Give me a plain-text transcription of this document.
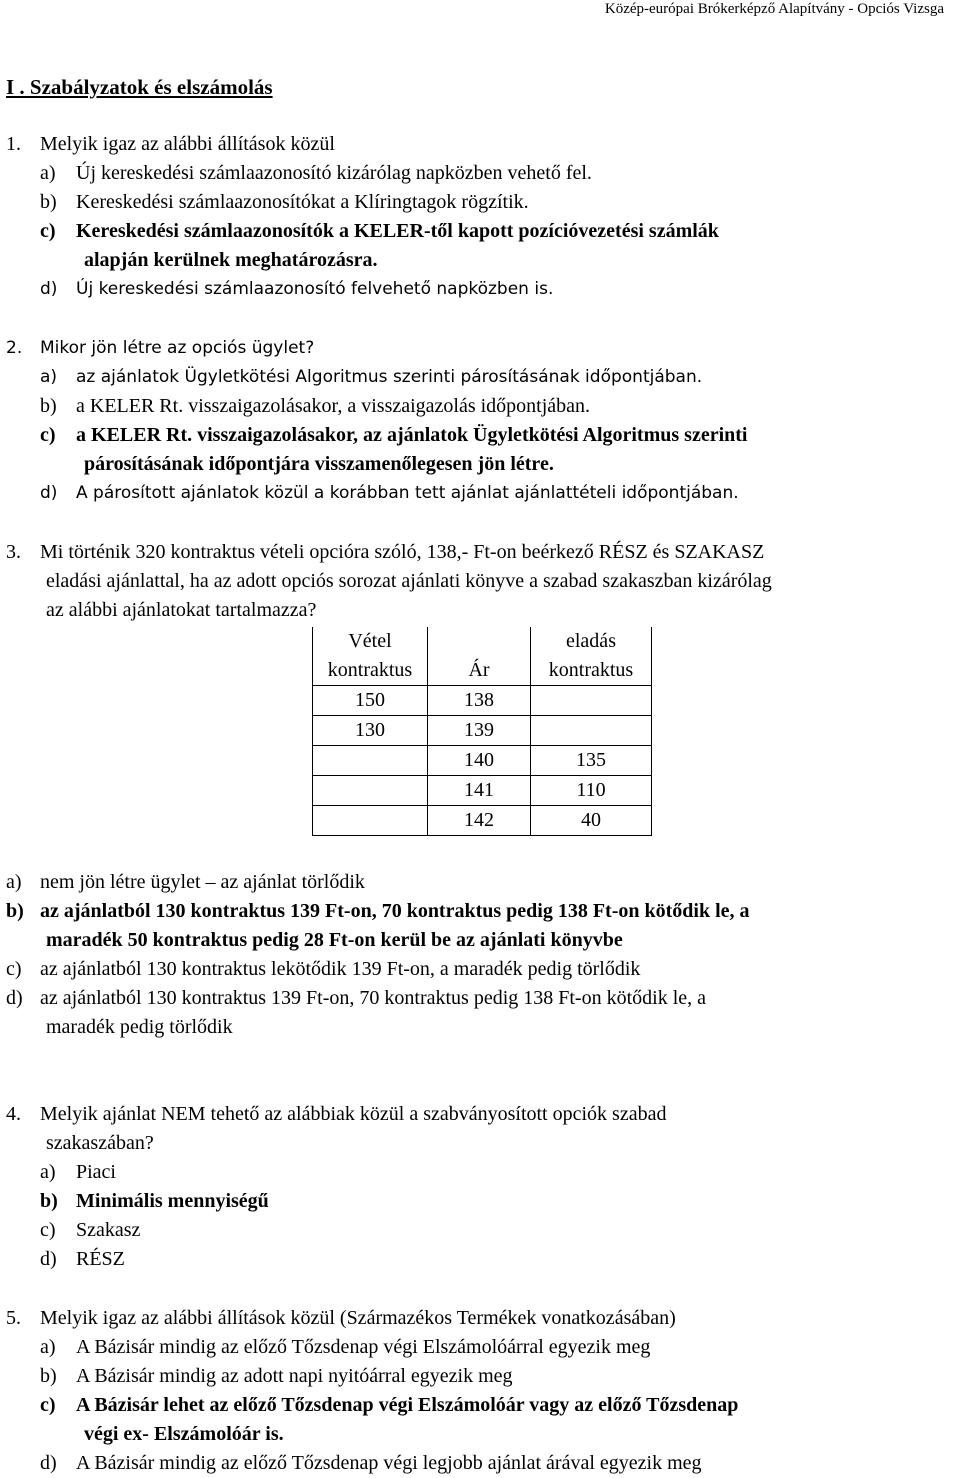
Közép-európai Brókerképző Alapítvány - Opciós Vizsga
I . Szabályzatok és elszámolás
1. Melyik igaz az alábbi állítások közül
a)	Új kereskedési számlaazonosító kizárólag napközben vehető fel.
b) Kereskedési számlaazonosítókat a Klíringtagok rögzítik.
c)	Kereskedési számlaazonosítók a KELER-től kapott pozícióvezetési számlák
alapján kerülnek meghatározásra.
d)	Új kereskedési számlaazonosító felvehető napközben is.
2.	Mikor jön létre az opciós ügylet?
a)	az ajánlatok Ügyletkötési Algoritmus szerinti párosításának időpontjában.
b) a KELER Rt. visszaigazolásakor, a visszaigazolás időpontjában.
c)	a KELER Rt. visszaigazolásakor, az ajánlatok Ügyletkötési Algoritmus szerinti
párosításának időpontjára visszamenőlegesen jön létre.
d)	A párosított ajánlatok közül a korábban tett ajánlat ajánlattételi időpontjában.
3. Mi történik 320 kontraktus vételi opcióra szóló, 138,- Ft-on beérkező RÉSZ és SZAKASZ
eladási ajánlattal, ha az adott opciós sorozat ajánlati könyve a szabad szakaszban kizárólag
az alábbi ajánlatokat tartalmazza?
Vétel		eladás
kontraktus	Ár	kontraktus
150	138	
130	139	
	140	135
	141	110
	142	40
a) nem jön létre ügylet – az ajánlat törlődik
b) az ajánlatból 130 kontraktus 139 Ft-on, 70 kontraktus pedig 138 Ft-on kötődik le, a
maradék 50 kontraktus pedig 28 Ft-on kerül be az ajánlati könyvbe
c) az ajánlatból 130 kontraktus lekötődik 139 Ft-on, a maradék pedig törlődik
d) az ajánlatból 130 kontraktus 139 Ft-on, 70 kontraktus pedig 138 Ft-on kötődik le, a
maradék pedig törlődik
4. Melyik ajánlat NEM tehető az alábbiak közül a szabványosított opciók szabad
szakaszában?
a)	Piaci
b) Minimális mennyiségű
c)	Szakasz
d) RÉSZ
5. Melyik igaz az alábbi állítások közül (Származékos Termékek vonatkozásában)
a)	A Bázisár mindig az előző Tőzsdenap végi Elszámolóárral egyezik meg
b) A Bázisár mindig az adott napi nyitóárral egyezik meg
c)	A Bázisár lehet az előző Tőzsdenap végi Elszámolóár vagy az előző Tőzsdenap
végi ex- Elszámolóár is.
d) A Bázisár mindig az előző Tőzsdenap végi legjobb ajánlat árával egyezik meg
